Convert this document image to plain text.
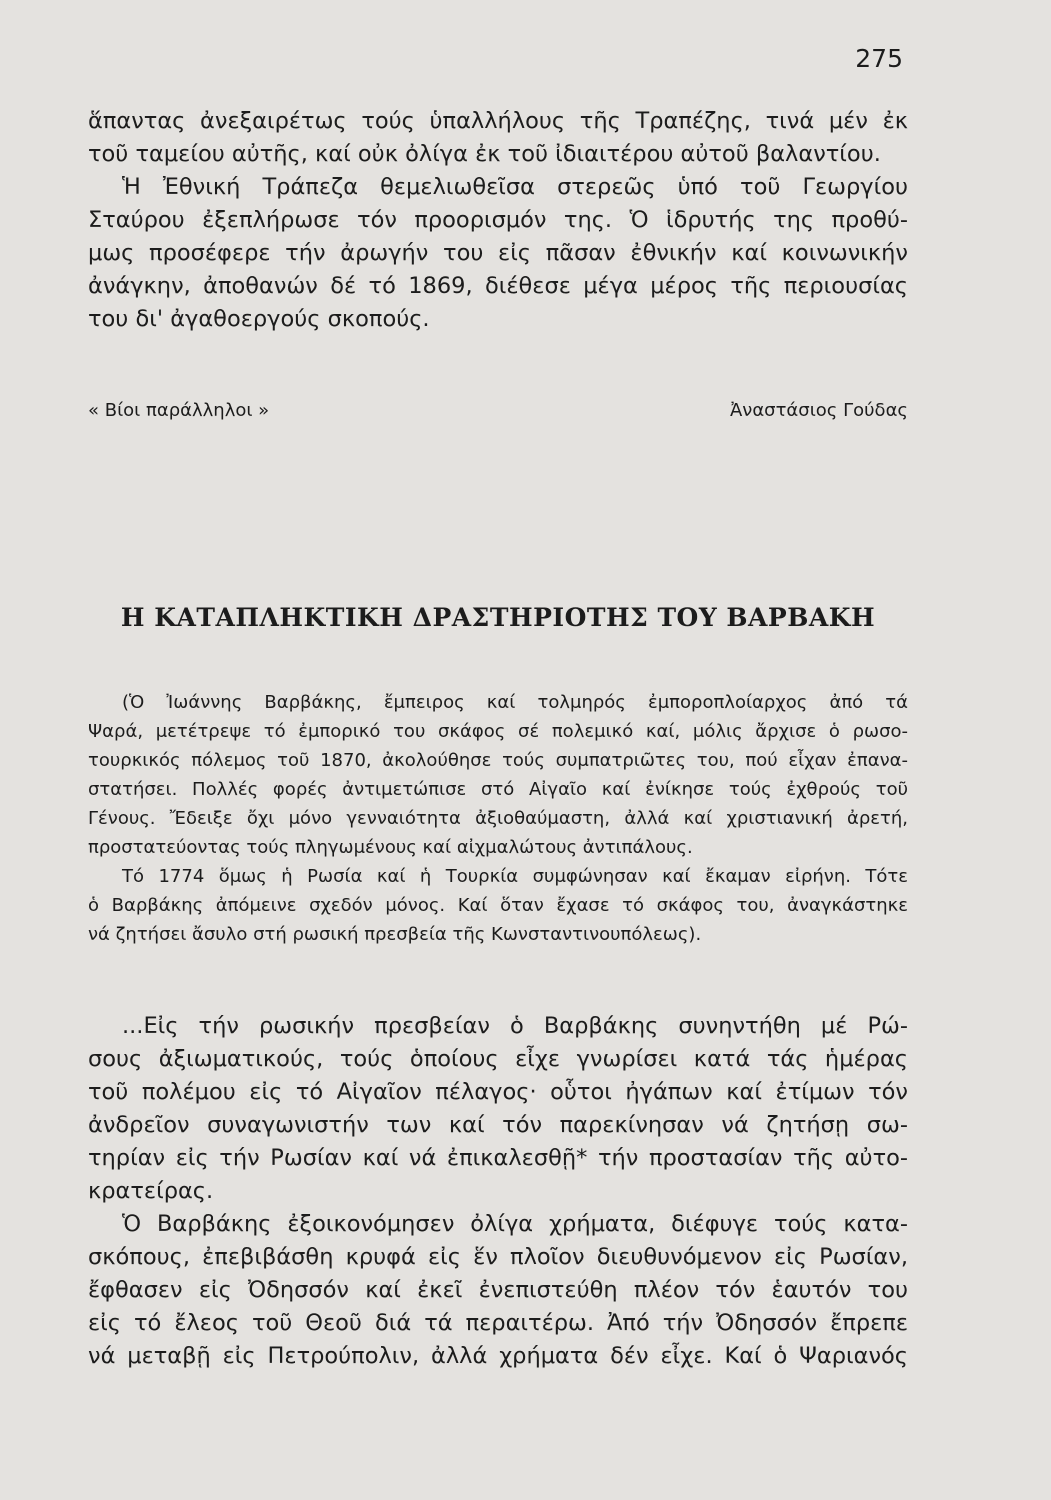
275

ἅπαντας ἀνεξαιρέτως τούς ὑπαλλήλους τῆς Τραπέζης, τινά μέν ἐκ

τοῦ ταμείου αὐτῆς, καί οὐκ ὀλίγα ἐκ τοῦ ἰδιαιτέρου αὐτοῦ βαλαντίου.

Ἡ Ἐθνική Τράπεζα θεμελιωθεῖσα στερεῶς ὑπό τοῦ Γεωργίου

Σταύρου ἐξεπλήρωσε τόν προορισμόν της. Ὁ ἱδρυτής της προθύ-

μως προσέφερε τήν ἀρωγήν του εἰς πᾶσαν ἐθνικήν καί κοινωνικήν

ἀνάγκην, ἀποθανών δέ τό 1869, διέθεσε μέγα μέρος τῆς περιουσίας

του δι' ἀγαθοεργούς σκοπούς.

« Βίοι παράλληλοι »	Ἀναστάσιος Γούδας
Η ΚΑΤΑΠΛΗΚΤΙΚΗ ΔΡΑΣΤΗΡΙΟΤΗΣ ΤΟΥ ΒΑΡΒΑΚΗ

(Ὁ Ἰωάννης Βαρβάκης, ἔμπειρος καί τολμηρός ἐμποροπλοίαρχος ἀπό τά

Ψαρά, μετέτρεψε τό ἐμπορικό του σκάφος σέ πολεμικό καί, μόλις ἄρχισε ὁ ρωσο-

τουρκικός πόλεμος τοῦ 1870, ἀκολούθησε τούς συμπατριῶτες του, πού εἶχαν ἐπανα-

στατήσει. Πολλές φορές ἀντιμετώπισε στό Αἰγαῖο καί ἐνίκησε τούς ἐχθρούς τοῦ

Γένους. Ἔδειξε ὄχι μόνο γενναιότητα ἀξιοθαύμαστη, ἀλλά καί χριστιανική ἀρετή,

προστατεύοντας τούς πληγωμένους καί αἰχμαλώτους ἀντιπάλους.

Τό 1774 ὅμως ἡ Ρωσία καί ἡ Τουρκία συμφώνησαν καί ἔκαμαν εἰρήνη. Τότε

ὁ Βαρβάκης ἀπόμεινε σχεδόν μόνος. Καί ὅταν ἔχασε τό σκάφος του, ἀναγκάστηκε

νά ζητήσει ἄσυλο στή ρωσική πρεσβεία τῆς Κωνσταντινουπόλεως).

...Εἰς τήν ρωσικήν πρεσβείαν ὁ Βαρβάκης συνηντήθη μέ Ρώ-

σους ἀξιωματικούς, τούς ὁποίους εἶχε γνωρίσει κατά τάς ἡμέρας

τοῦ πολέμου εἰς τό Αἰγαῖον πέλαγος· οὗτοι ἠγάπων καί ἐτίμων τόν

ἀνδρεῖον συναγωνιστήν των καί τόν παρεκίνησαν νά ζητήσῃ σω-

τηρίαν εἰς τήν Ρωσίαν καί νά ἐπικαλεσθῇ* τήν προστασίαν τῆς αὐτο-

κρατείρας.

Ὁ Βαρβάκης ἐξοικονόμησεν ὀλίγα χρήματα, διέφυγε τούς κατα-

σκόπους, ἐπεβιβάσθη κρυφά εἰς ἕν πλοῖον διευθυνόμενον εἰς Ρωσίαν,

ἔφθασεν εἰς Ὀδησσόν καί ἐκεῖ ἐνεπιστεύθη πλέον τόν ἑαυτόν του

εἰς τό ἔλεος τοῦ Θεοῦ διά τά περαιτέρω. Ἀπό τήν Ὀδησσόν ἔπρεπε

νά μεταβῇ εἰς Πετρούπολιν, ἀλλά χρήματα δέν εἶχε. Καί ὁ Ψαριανός
